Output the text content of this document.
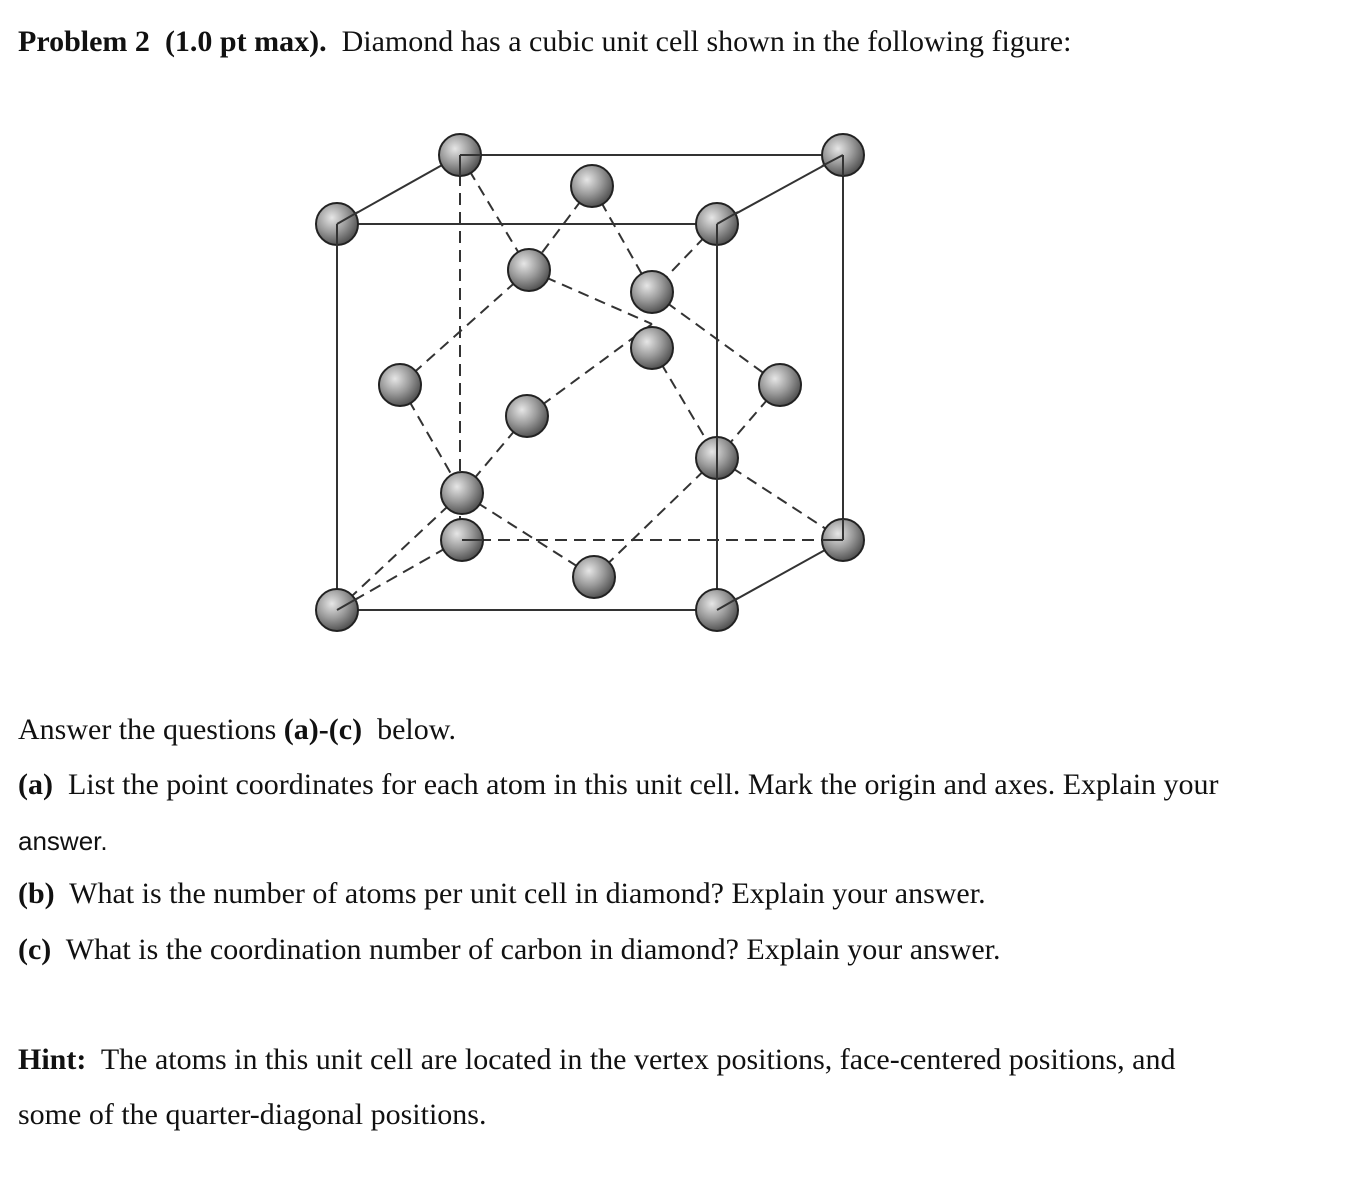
Problem 2 (1.0 pt max). Diamond has a cubic unit cell shown in the following figure:
Answer the questions (a)-(c) below.
(a) List the point coordinates for each atom in this unit cell. Mark the origin and axes. Explain your
answer.
(b) What is the number of atoms per unit cell in diamond? Explain your answer.
(c) What is the coordination number of carbon in diamond? Explain your answer.
Hint: The atoms in this unit cell are located in the vertex positions, face-centered positions, and
some of the quarter-diagonal positions.
